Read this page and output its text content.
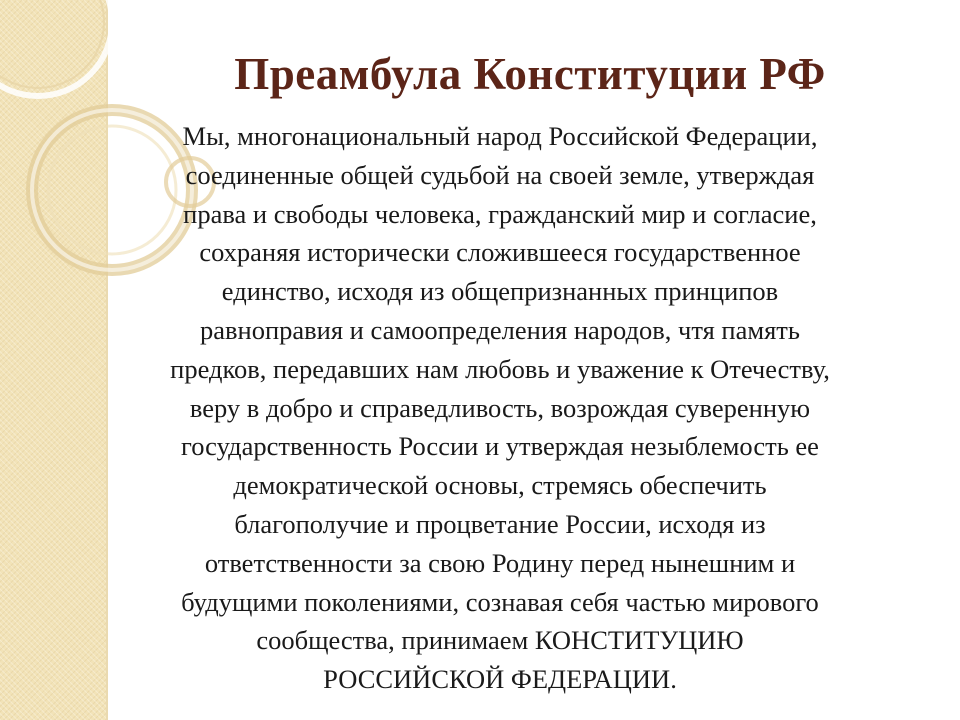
Преамбула Конституции РФ
Мы, многонациональный народ Российской Федерации,
соединенные общей судьбой на своей земле, утверждая
права и свободы человека, гражданский мир и согласие,
сохраняя исторически сложившееся государственное
единство, исходя из общепризнанных принципов
равноправия и самоопределения народов, чтя память
предков, передавших нам любовь и уважение к Отечеству,
веру в добро и справедливость, возрождая суверенную
государственность России и утверждая незыблемость ее
демократической основы, стремясь обеспечить
благополучие и процветание России, исходя из
ответственности за свою Родину перед нынешним и
будущими поколениями, сознавая себя частью мирового
сообщества, принимаем КОНСТИТУЦИЮ
РОССИЙСКОЙ ФЕДЕРАЦИИ.
